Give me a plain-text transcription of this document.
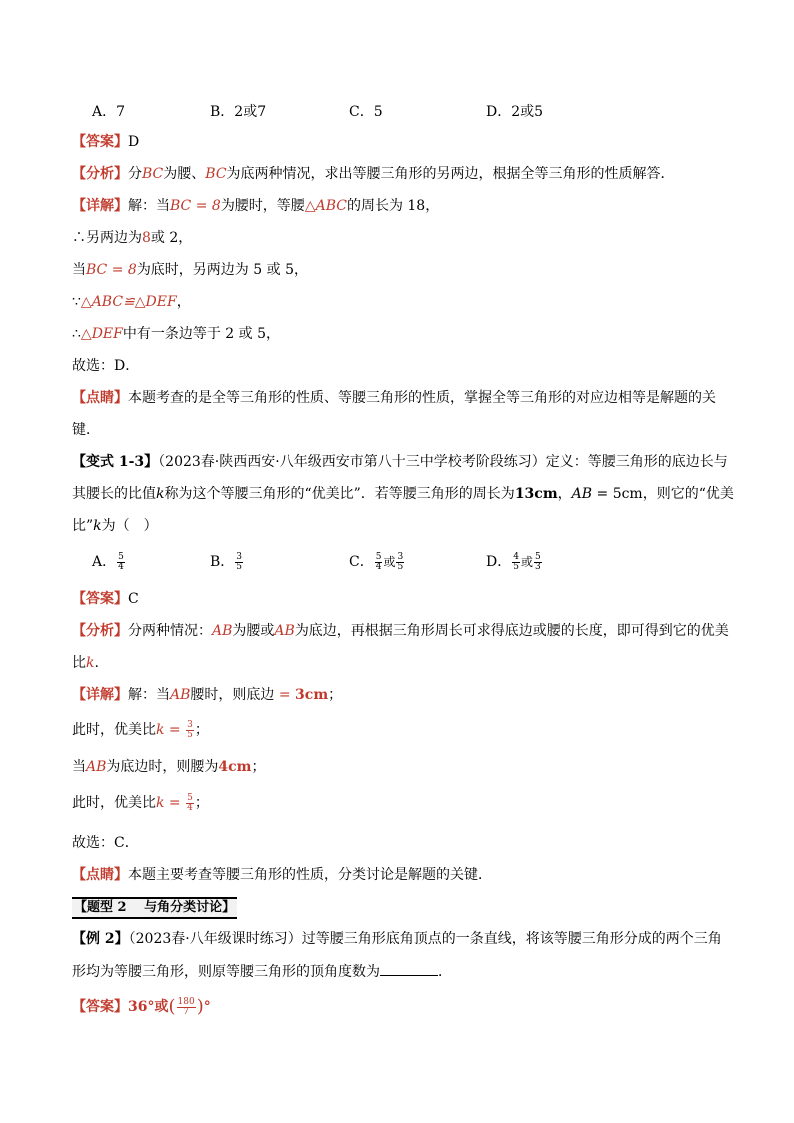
A．7	B．2或7	C．5	D．2或5
【答案】D
【分析】分BC为腰、BC为底两种情况，求出等腰三角形的另两边，根据全等三角形的性质解答．
【详解】解：当BC = 8为腰时，等腰△ABC的周长为 18，
∴另两边为8或 2，
当BC = 8为底时，另两边为 5 或 5，
∵△ABC≌△DEF，
∴△DEF中有一条边等于 2 或 5，
故选：D．
【点睛】本题考查的是全等三角形的性质、等腰三角形的性质，掌握全等三角形的对应边相等是解题的关
键．
【变式 1-3】（2023春·陕西西安·八年级西安市第八十三中学校考阶段练习）定义：等腰三角形的底边长与
其腰长的比值k称为这个等腰三角形的“优美比”．若等腰三角形的周长为13cm，AB = 5cm，则它的“优美
比”k为（　）
A． $\frac{5}{4}$	B． $\frac{3}{5}$	C． $\frac{5}{4}$ 或 $\frac{3}{5}$	D． $\frac{4}{5}$ 或 $\frac{5}{3}$
【答案】C
【分析】分两种情况：AB为腰或AB为底边，再根据三角形周长可求得底边或腰的长度，即可得到它的优美
比k.
【详解】解：当AB腰时，则底边 = 3cm；
此时，优美比$k = \frac{3}{5}$ ；
当AB为底边时，则腰为4cm；
此时，优美比$k = \frac{5}{4}$ ；
故选：C．
【点睛】本题主要考查等腰三角形的性质，分类讨论是解题的关键．
【题型 2　 与角分类讨论】
【例 2】（2023春·八年级课时练习）过等腰三角形底角顶点的一条直线，将该等腰三角形分成的两个三角
形均为等腰三角形，则原等腰三角形的顶角度数为	．
【答案】36°或( $\frac{180}{7}$ )°
